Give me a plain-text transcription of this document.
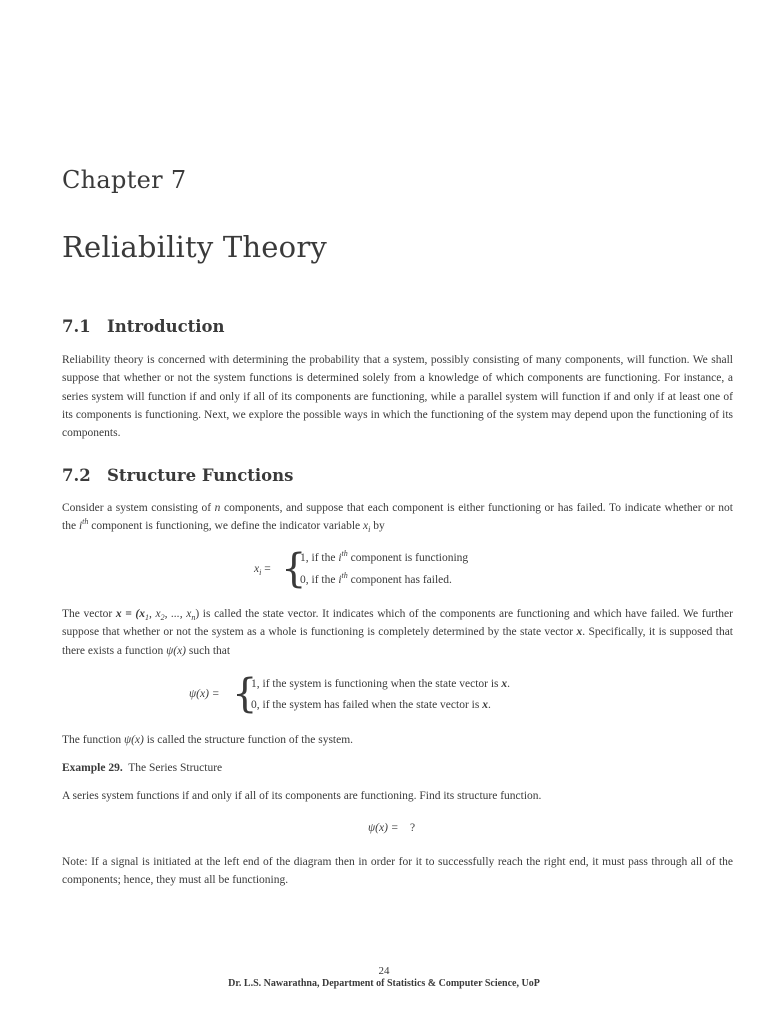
Chapter 7
Reliability Theory
7.1 Introduction
Reliability theory is concerned with determining the probability that a system, possibly consisting of many components, will function. We shall suppose that whether or not the system functions is determined solely from a knowledge of which components are functioning. For instance, a series system will function if and only if all of its components are functioning, while a parallel system will function if and only if at least one of its components is functioning. Next, we explore the possible ways in which the functioning of the system may depend upon the functioning of its components.
7.2 Structure Functions
Consider a system consisting of n components, and suppose that each component is either functioning or has failed. To indicate whether or not the $i^{th}$ component is functioning, we define the indicator variable $x_i$ by
$x_i$ = {
1, if the $i^{th}$ component is functioning
0, if the $i^{th}$ component has failed.
The vector $x = (x_1$, $x_2$, ..., $x_n$) is called the state vector. It indicates which of the components are functioning and which have failed. We further suppose that whether or not the system as a whole is functioning is completely determined by the state vector x. Specifically, it is supposed that there exists a function ψ(x) such that
ψ(x) = {
1, if the system is functioning when the state vector is x.
0, if the system has failed when the state vector is x.
The function ψ(x) is called the structure function of the system.
Example 29. The Series Structure
A series system functions if and only if all of its components are functioning. Find its structure function.
ψ(x) = ?
Note: If a signal is initiated at the left end of the diagram then in order for it to successfully reach the right end, it must pass through all of the components; hence, they must all be functioning.
24
Dr. L.S. Nawarathna, Department of Statistics & Computer Science, UoP
